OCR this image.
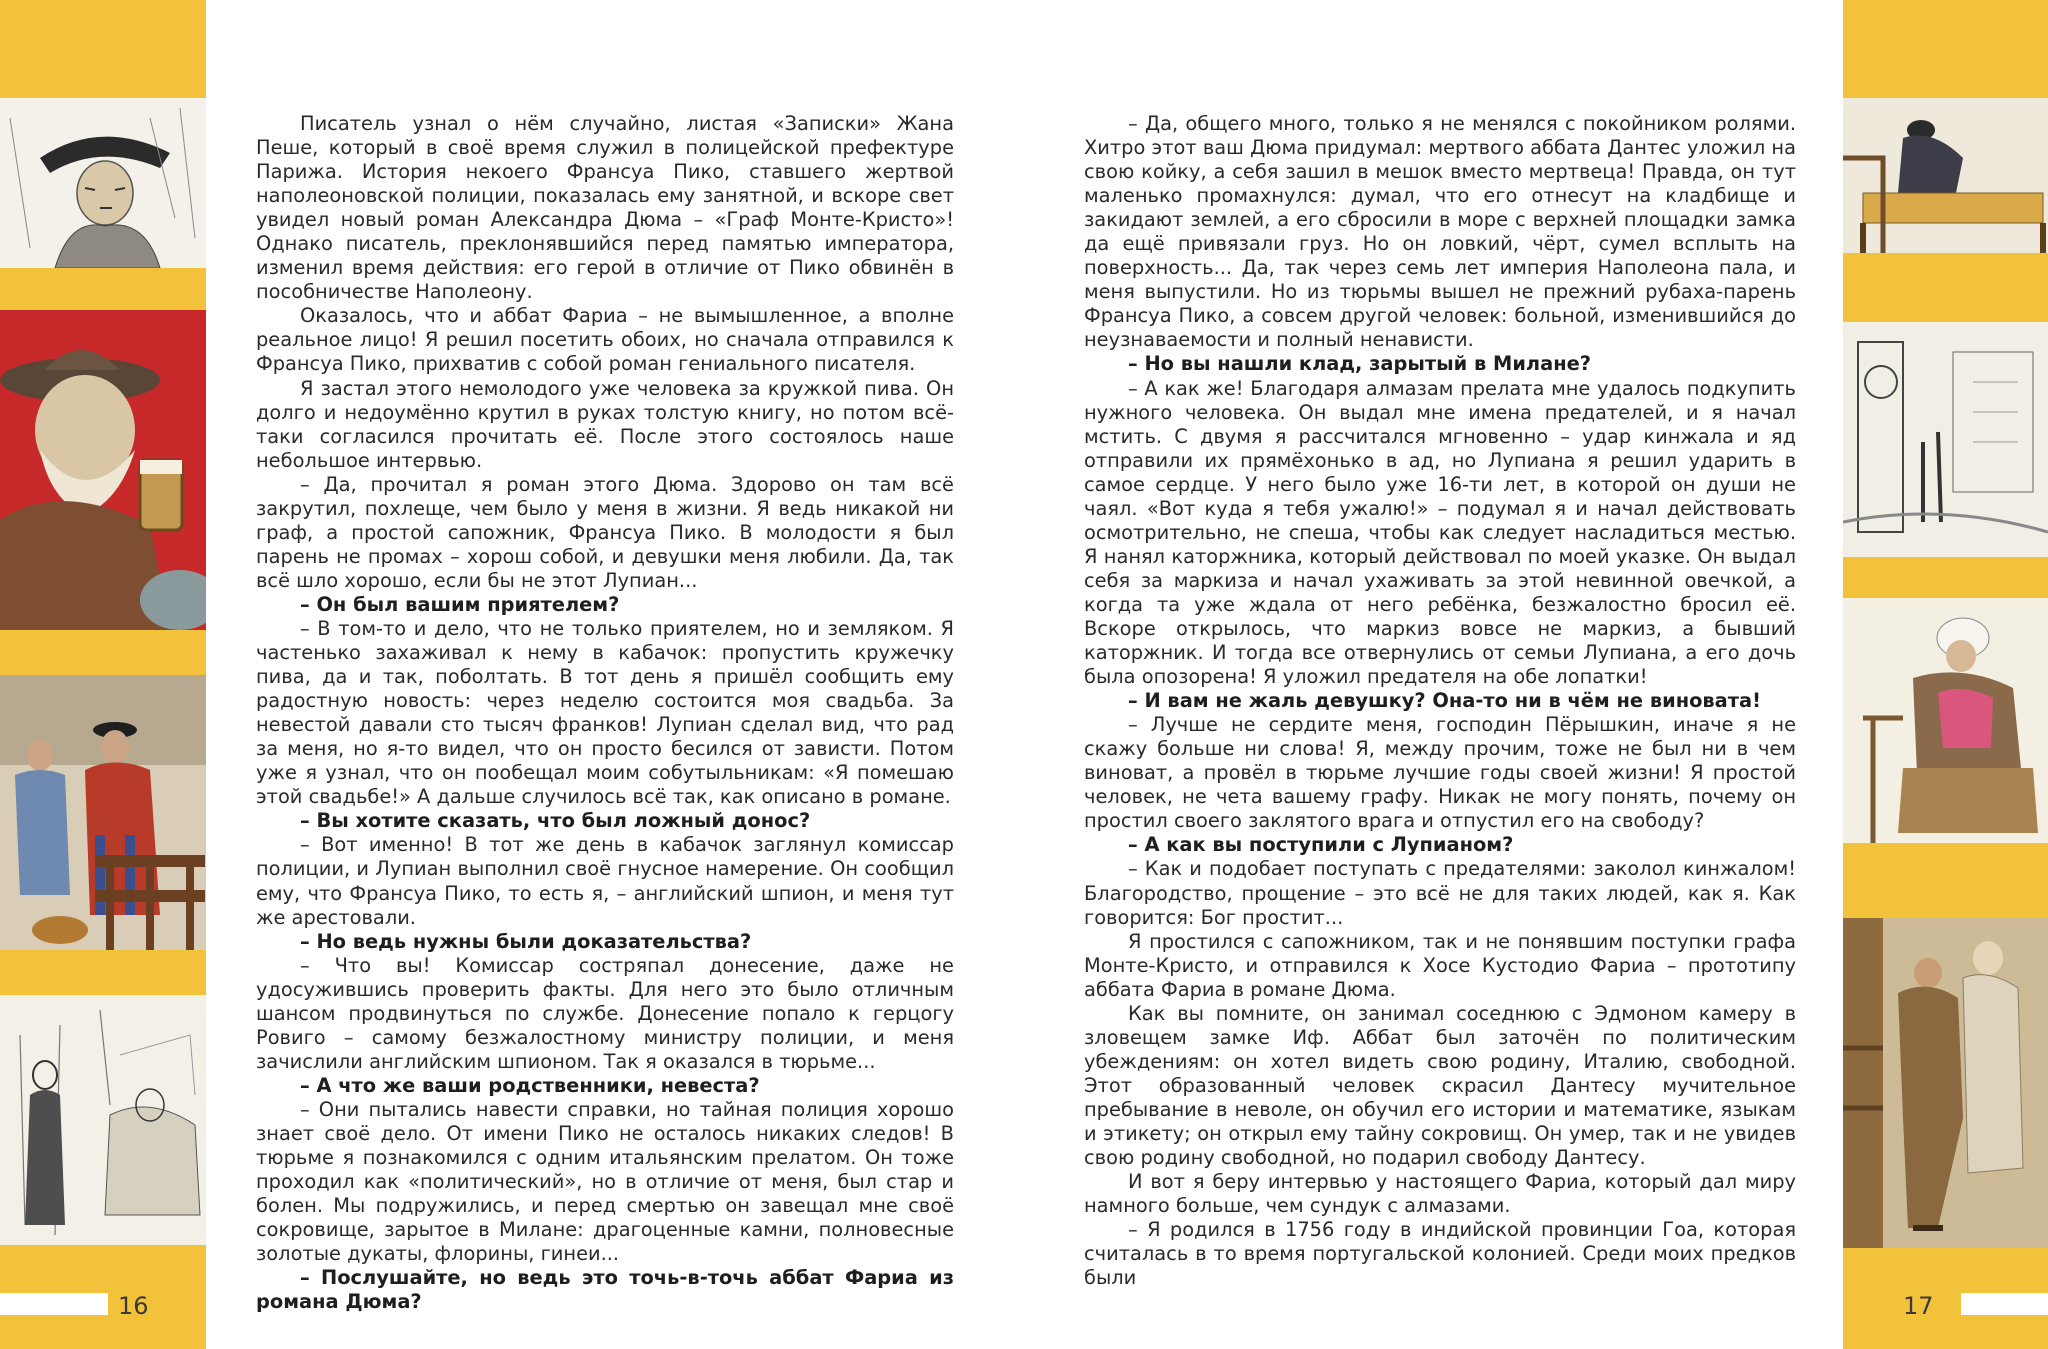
16	17

Писатель узнал о нём случайно, листая «Записки» Жана Пеше, который в своё время служил в полицейской префектуре Парижа. История некоего Франсуа Пико, ставшего жертвой наполеоновской полиции, показалась ему занятной, и вскоре свет увидел новый роман Александра Дюма – «Граф Монте-Кристо»! Однако писатель, преклонявшийся перед памятью императора, изменил время действия: его герой в отличие от Пико обвинён в пособничестве Наполеону.

Оказалось, что и аббат Фариа – не вымышленное, а вполне реальное лицо! Я решил посетить обоих, но сначала отправился к Франсуа Пико, прихватив с собой роман гениального писателя.

Я застал этого немолодого уже человека за кружкой пива. Он долго и недоумённо крутил в руках толстую книгу, но потом всё-таки согласился прочитать её. После этого состоялось наше небольшое интервью.

– Да, прочитал я роман этого Дюма. Здорово он там всё закрутил, похлеще, чем было у меня в жизни. Я ведь никакой ни граф, а простой сапожник, Франсуа Пико. В молодости я был парень не промах – хорош собой, и девушки меня любили. Да, так всё шло хорошо, если бы не этот Лупиан...

– Он был вашим приятелем?

– В том-то и дело, что не только приятелем, но и земляком. Я частенько захаживал к нему в кабачок: пропустить кружечку пива, да и так, поболтать. В тот день я пришёл сообщить ему радостную новость: через неделю состоится моя свадьба. За невестой давали сто тысяч франков! Лупиан сделал вид, что рад за меня, но я-то видел, что он просто бесился от зависти. Потом уже я узнал, что он пообещал моим собутыльникам: «Я помешаю этой свадьбе!» А дальше случилось всё так, как описано в романе.

– Вы хотите сказать, что был ложный донос?

– Вот именно! В тот же день в кабачок заглянул комиссар полиции, и Лупиан выполнил своё гнусное намерение. Он сообщил ему, что Франсуа Пико, то есть я, – английский шпион, и меня тут же арестовали.

– Но ведь нужны были доказательства?

– Что вы! Комиссар состряпал донесение, даже не удосужившись проверить факты. Для него это было отличным шансом продвинуться по службе. Донесение попало к герцогу Ровиго – самому безжалостному министру полиции, и меня зачислили английским шпионом. Так я оказался в тюрьме...

– А что же ваши родственники, невеста?

– Они пытались навести справки, но тайная полиция хорошо знает своё дело. От имени Пико не осталось никаких следов! В тюрьме я познакомился с одним итальянским прелатом. Он тоже проходил как «политический», но в отличие от меня, был стар и болен. Мы подружились, и перед смертью он завещал мне своё сокровище, зарытое в Милане: драгоценные камни, полновесные золотые дукаты, флорины, гинеи...

– Послушайте, но ведь это точь-в-точь аббат Фариа из романа Дюма?

– Да, общего много, только я не менялся с покойником ролями. Хитро этот ваш Дюма придумал: мертвого аббата Дантес уложил на свою койку, а себя зашил в мешок вместо мертвеца! Правда, он тут маленько промахнулся: думал, что его отнесут на кладбище и закидают землей, а его сбросили в море с верхней площадки замка да ещё привязали груз. Но он ловкий, чёрт, сумел всплыть на поверхность... Да, так через семь лет империя Наполеона пала, и меня выпустили. Но из тюрьмы вышел не прежний рубаха-парень Франсуа Пико, а совсем другой человек: больной, изменившийся до неузнаваемости и полный ненависти.

– Но вы нашли клад, зарытый в Милане?

– А как же! Благодаря алмазам прелата мне удалось подкупить нужного человека. Он выдал мне имена предателей, и я начал мстить. С двумя я рассчитался мгновенно – удар кинжала и яд отправили их прямёхонько в ад, но Лупиана я решил ударить в самое сердце. У него было уже 16-ти лет, в которой он души не чаял. «Вот куда я тебя ужалю!» – подумал я и начал действовать осмотрительно, не спеша, чтобы как следует насладиться местью. Я нанял каторжника, который действовал по моей указке. Он выдал себя за маркиза и начал ухаживать за этой невинной овечкой, а когда та уже ждала от него ребёнка, безжалостно бросил её. Вскоре открылось, что маркиз вовсе не маркиз, а бывший каторжник. И тогда все отвернулись от семьи Лупиана, а его дочь была опозорена! Я уложил предателя на обе лопатки!

– И вам не жаль девушку? Она-то ни в чём не виновата!

– Лучше не сердите меня, господин Пёрышкин, иначе я не скажу больше ни слова! Я, между прочим, тоже не был ни в чем виноват, а провёл в тюрьме лучшие годы своей жизни! Я простой человек, не чета вашему графу. Никак не могу понять, почему он простил своего заклятого врага и отпустил его на свободу?

– А как вы поступили с Лупианом?

– Как и подобает поступать с предателями: заколол кинжалом! Благородство, прощение – это всё не для таких людей, как я. Как говорится: Бог простит...

Я простился с сапожником, так и не понявшим поступки графа Монте-Кристо, и отправился к Хосе Кустодио Фариа – прототипу аббата Фариа в романе Дюма.

Как вы помните, он занимал соседнюю с Эдмоном камеру в зловещем замке Иф. Аббат был заточён по политическим убеждениям: он хотел видеть свою родину, Италию, свободной. Этот образованный человек скрасил Дантесу мучительное пребывание в неволе, он обучил его истории и математике, языкам и этикету; он открыл ему тайну сокровищ. Он умер, так и не увидев свою родину свободной, но подарил свободу Дантесу.

И вот я беру интервью у настоящего Фариа, который дал миру намного больше, чем сундук с алмазами.

– Я родился в 1756 году в индийской провинции Гоа, которая считалась в то время португальской колонией. Среди моих предков были
